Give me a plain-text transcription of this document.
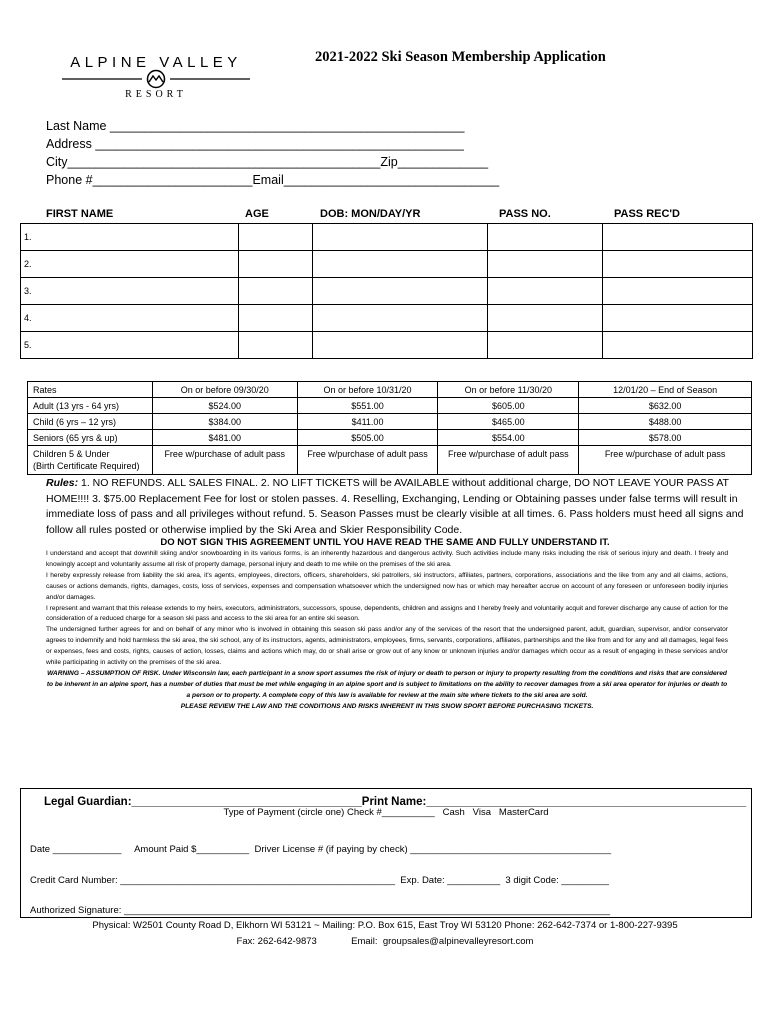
ALPINE VALLEY
RESORT
2021-2022 Ski Season Membership Application
Last Name ___________________________________________________
Address _____________________________________________________
City_____________________________________________Zip_____________
Phone #_______________________Email_______________________________
FIRST NAME	AGE	DOB: MON/DAY/YR	PASS NO.	PASS REC'D
1.				
2.				
3.				
4.				
5.				
Rates	On or before 09/30/20	On or before 10/31/20	On or before 11/30/20	12/01/20 – End of Season
Adult (13 yrs - 64 yrs)	$524.00	$551.00	$605.00	$632.00
Child (6 yrs – 12 yrs)	$384.00	$411.00	$465.00	$488.00
Seniors (65 yrs & up)	$481.00	$505.00	$554.00	$578.00
Children 5 & Under
(Birth Certificate Required)	Free w/purchase of adult pass	Free w/purchase of adult pass	Free w/purchase of adult pass	Free w/purchase of adult pass
Rules: 1. NO REFUNDS. ALL SALES FINAL. 2. NO LIFT TICKETS will be AVAILABLE without additional charge, DO NOT LEAVE YOUR PASS AT HOME!!!! 3. $75.00 Replacement Fee for lost or stolen passes. 4. Reselling, Exchanging, Lending or Obtaining passes under false terms will result in immediate loss of pass and all privileges without refund. 5. Season Passes must be clearly visible at all times. 6. Pass holders must heed all signs and follow all rules posted or otherwise implied by the Ski Area and Skier Responsibility Code.
DO NOT SIGN THIS AGREEMENT UNTIL YOU HAVE READ THE SAME AND FULLY UNDERSTAND IT.

I understand and accept that downhill skiing and/or snowboarding in its various forms, is an inherently hazardous and dangerous activity. Such activities include many risks including the risk of serious injury and death. I freely and knowingly accept and voluntarily assume all risk of property damage, personal injury and death to me while on the premises of the ski area.

I hereby expressly release from liability the ski area, it's agents, employees, directors, officers, shareholders, ski patrollers, ski instructors, affiliates, partners, corporations, associations and the like from any and all claims, actions, causes or actions demands, rights, damages, costs, loss of services, expenses and compensation whatsoever which the undersigned now has or which may hereafter accrue on account of any foreseen or unforeseen bodily injuries and/or damages.

I represent and warrant that this release extends to my heirs, executors, administrators, successors, spouse, dependents, children and assigns and I hereby freely and voluntarily acquit and forever discharge any cause of action for the consideration of a reduced charge for a season ski pass and access to the ski area for an entire ski season.

The undersigned further agrees for and on behalf of any minor who is involved in obtaining this season ski pass and/or any of the services of the resort that the undersigned parent, adult, guardian, supervisor, and/or conservator agrees to indemnify and hold harmless the ski area, the ski school, any of its instructors, agents, administrators, employees, firms, servants, corporations, affiliates, partnerships and the like from and for any and all damages, legal fees or expenses, fees and costs, rights, causes of action, losses, claims and actions which may, do or shall arise or grow out of any know or unknown injuries and/or damages which occur as a result of engaging in these services and/or while participating in activity on the premises of the ski area.

WARNING – ASSUMPTION OF RISK. Under Wisconsin law, each participant in a snow sport assumes the risk of injury or death to person or injury to property resulting from the conditions and risks that are considered to be inherent in an alpine sport, has a number of duties that must be met while engaging in an alpine sport and is subject to limitations on the ability to recover damages from a ski area operator for injuries or death to a person or to property. A complete copy of this law is available for review at the main site where tickets to the ski area are sold.

PLEASE REVIEW THE LAW AND THE CONDITIONS AND RISKS INHERENT IN THIS SNOW SPORT BEFORE PURCHASING TICKETS.

Legal Guardian:____________________________________Print Name:__________________________________________________
Type of Payment (circle one) Check #__________   Cash   Visa   MasterCard
Date _____________     Amount Paid $__________  Driver License # (if paying by check) ______________________________________
Credit Card Number: ____________________________________________________  Exp. Date: __________  3 digit Code: _________
Authorized Signature: ____________________________________________________________________________________________
Physical: W2501 County Road D, Elkhorn WI 53121 ~ Mailing: P.O. Box 615, East Troy WI 53120 Phone: 262-642-7374 or 1-800-227-9395
Fax: 262-642-9873	Email:  groupsales@alpinevalleyresort.com
